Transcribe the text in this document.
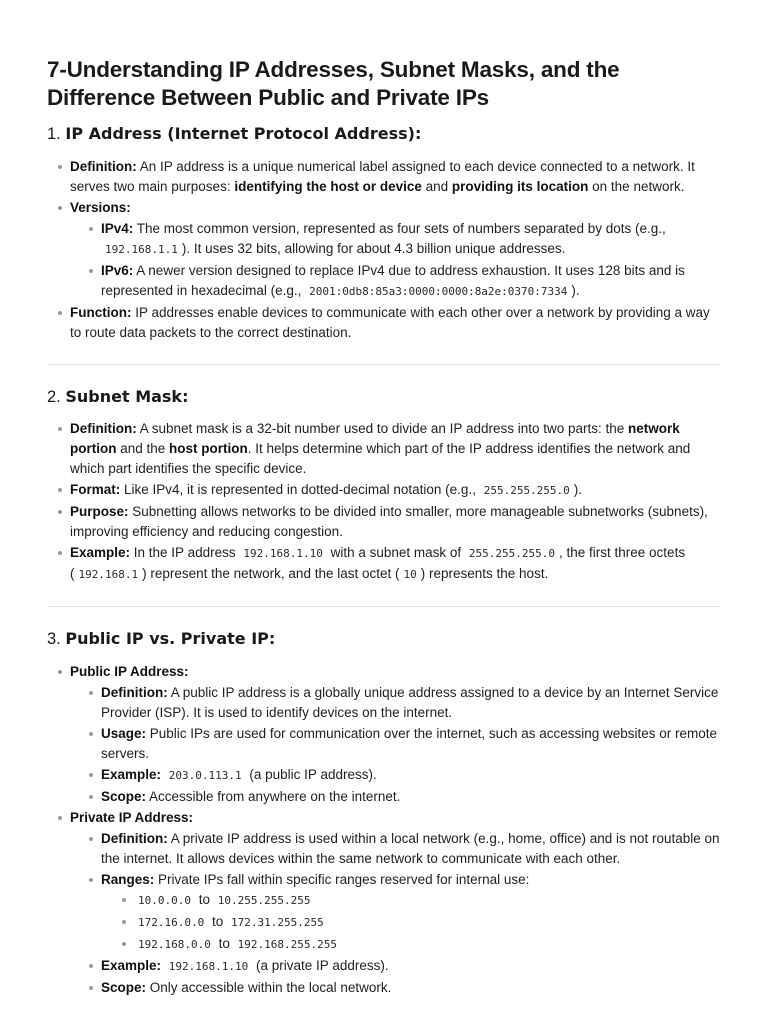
7-Understanding IP Addresses, Subnet Masks, and the Difference Between Public and Private IPs
1. IP Address (Internet Protocol Address):
Definition: An IP address is a unique numerical label assigned to each device connected to a network. It serves two main purposes: identifying the host or device and providing its location on the network.
Versions:
IPv4: The most common version, represented as four sets of numbers separated by dots (e.g., 192.168.1.1 ). It uses 32 bits, allowing for about 4.3 billion unique addresses.
IPv6: A newer version designed to replace IPv4 due to address exhaustion. It uses 128 bits and is represented in hexadecimal (e.g., 2001:0db8:85a3:0000:0000:8a2e:0370:7334 ).
Function: IP addresses enable devices to communicate with each other over a network by providing a way to route data packets to the correct destination.
2. Subnet Mask:
Definition: A subnet mask is a 32-bit number used to divide an IP address into two parts: the network portion and the host portion. It helps determine which part of the IP address identifies the network and which part identifies the specific device.
Format: Like IPv4, it is represented in dotted-decimal notation (e.g., 255.255.255.0 ).
Purpose: Subnetting allows networks to be divided into smaller, more manageable subnetworks (subnets), improving efficiency and reducing congestion.
Example: In the IP address 192.168.1.10 with a subnet mask of 255.255.255.0 , the first three octets ( 192.168.1 ) represent the network, and the last octet ( 10 ) represents the host.
3. Public IP vs. Private IP:
Public IP Address:
Definition: A public IP address is a globally unique address assigned to a device by an Internet Service Provider (ISP). It is used to identify devices on the internet.
Usage: Public IPs are used for communication over the internet, such as accessing websites or remote servers.
Example: 203.0.113.1 (a public IP address).
Scope: Accessible from anywhere on the internet.
Private IP Address:
Definition: A private IP address is used within a local network (e.g., home, office) and is not routable on the internet. It allows devices within the same network to communicate with each other.
Ranges: Private IPs fall within specific ranges reserved for internal use:
10.0.0.0 to 10.255.255.255
172.16.0.0 to 172.31.255.255
192.168.0.0 to 192.168.255.255
Example: 192.168.1.10 (a private IP address).
Scope: Only accessible within the local network.
